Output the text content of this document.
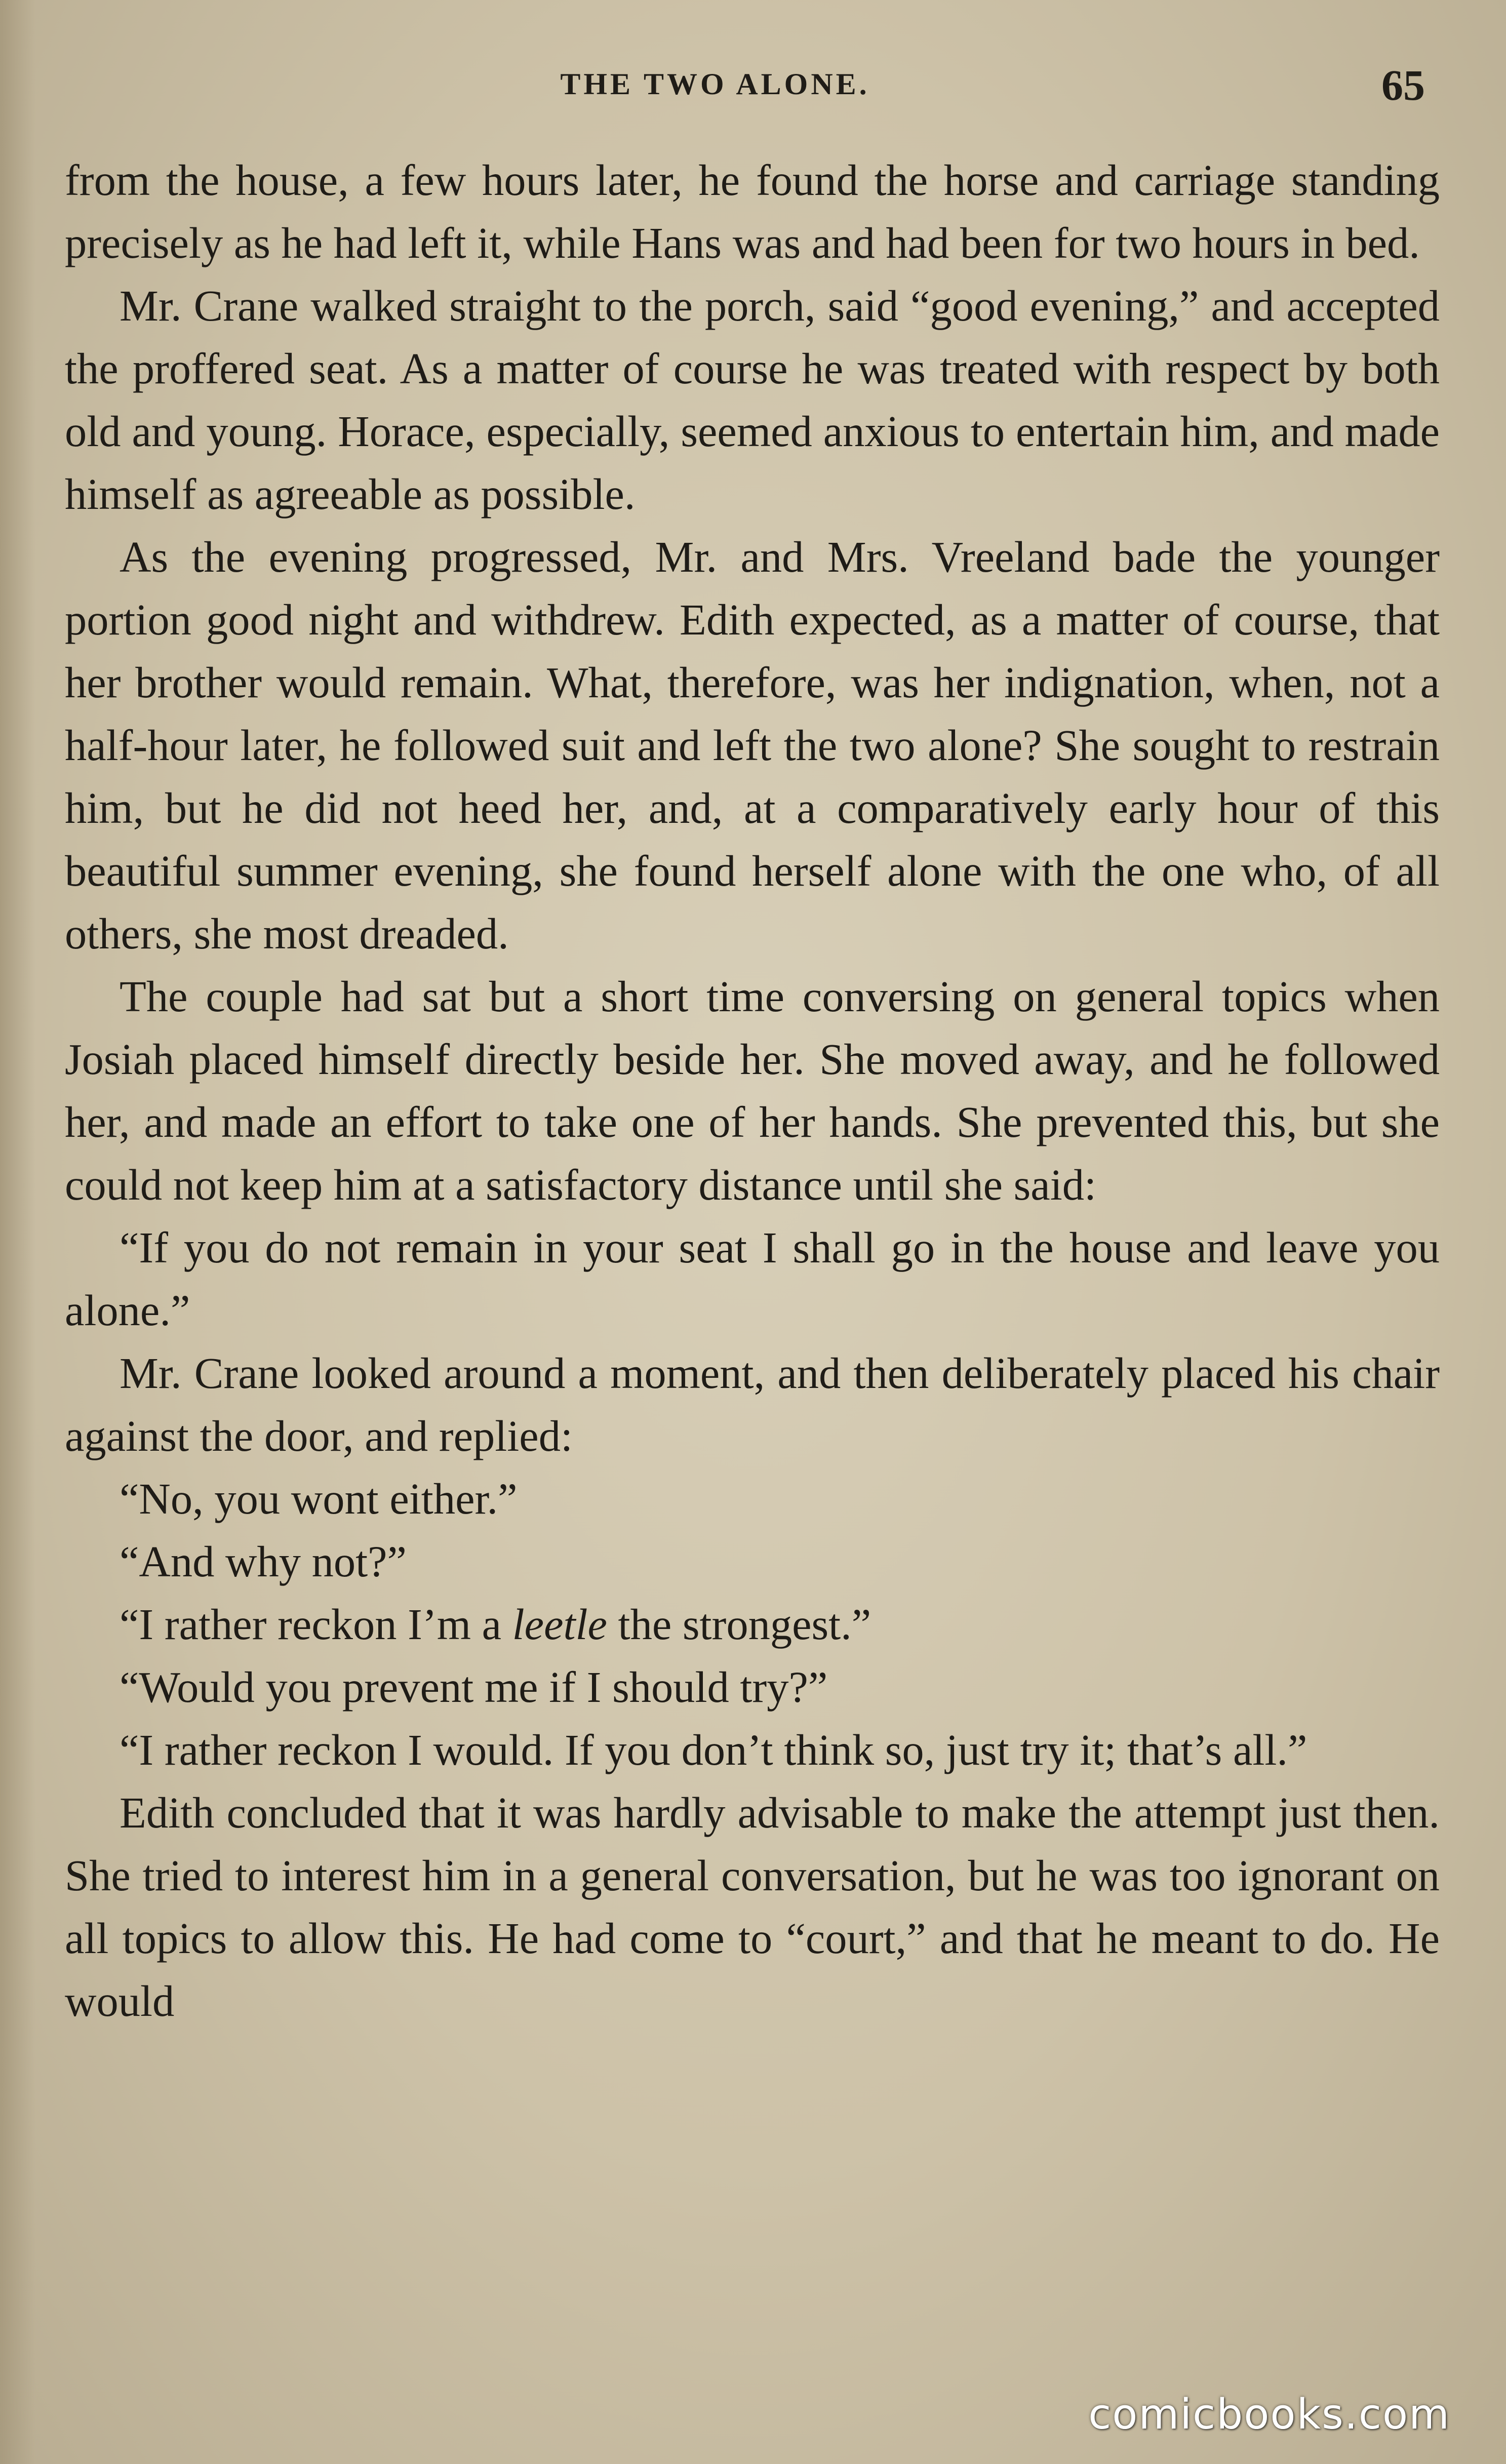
THE TWO ALONE.	65

from the house, a few hours later, he found the horse and carriage standing precisely as he had left it, while Hans was and had been for two hours in bed.

Mr. Crane walked straight to the porch, said “good evening,” and accepted the proffered seat. As a matter of course he was treated with respect by both old and young. Horace, especially, seemed anxious to entertain him, and made himself as agreeable as possible.

As the evening progressed, Mr. and Mrs. Vreeland bade the younger portion good night and withdrew. Edith expected, as a matter of course, that her brother would remain. What, therefore, was her indignation, when, not a half-hour later, he followed suit and left the two alone? She sought to restrain him, but he did not heed her, and, at a comparatively early hour of this beautiful summer evening, she found herself alone with the one who, of all others, she most dreaded.

The couple had sat but a short time conversing on general topics when Josiah placed himself directly beside her. She moved away, and he followed her, and made an effort to take one of her hands. She prevented this, but she could not keep him at a satisfactory distance until she said:

“If you do not remain in your seat I shall go in the house and leave you alone.”

Mr. Crane looked around a moment, and then deliberately placed his chair against the door, and replied:

“No, you wont either.”

“And why not?”

“I rather reckon I’m a leetle the strongest.”

“Would you prevent me if I should try?”

“I rather reckon I would. If you don’t think so, just try it; that’s all.”

Edith concluded that it was hardly advisable to make the attempt just then. She tried to interest him in a general conversation, but he was too ignorant on all topics to allow this. He had come to “court,” and that he meant to do. He would

comicbooks.com
